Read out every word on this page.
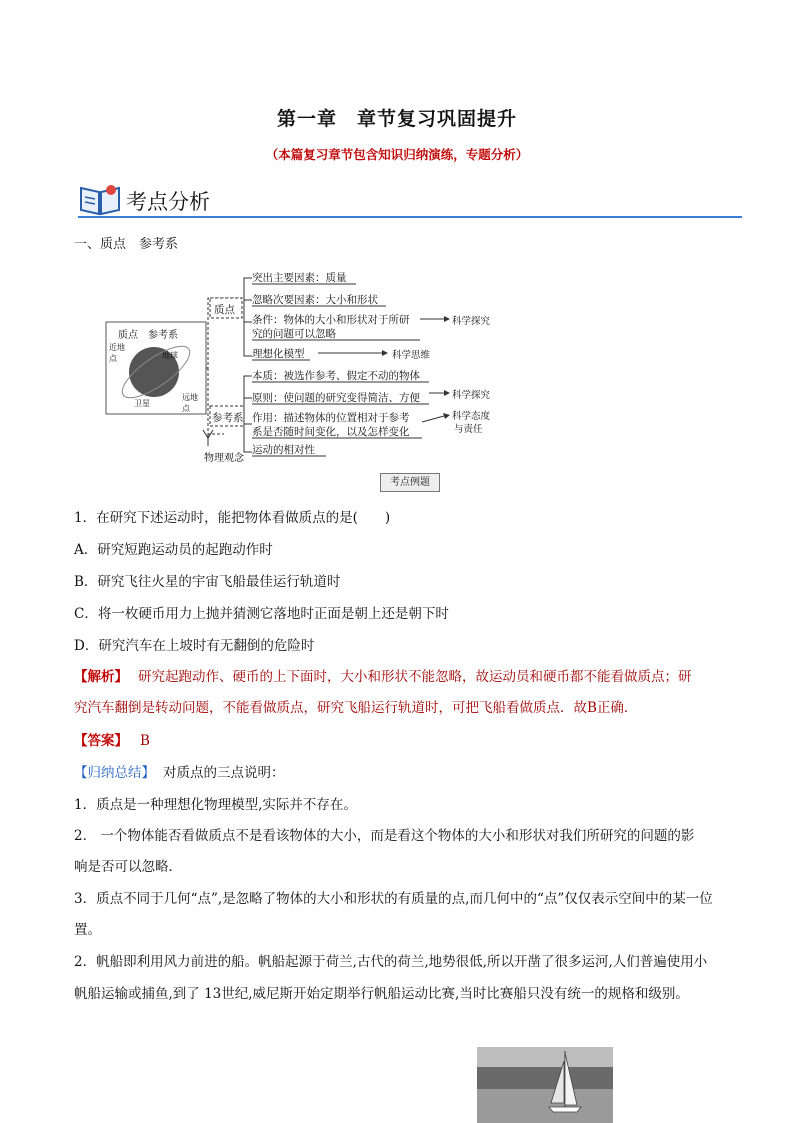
第一章　章节复习巩固提升
（本篇复习章节包含知识归纳演练，专题分析）
考点分析
一、质点　参考系
质点　参考系
近地点	地球
卫星
远地点
质点
参考系
物理观念
突出主要因素：质量
忽略次要因素：大小和形状
条件：物体的大小和形状对于所研
究的问题可以忽略
理想化模型
本质：被选作参考、假定不动的物体
原则：使问题的研究变得简洁、方便
作用：描述物体的位置相对于参考
系是否随时间变化，以及怎样变化
运动的相对性
科学探究
科学思维
科学探究
科学态度
与责任
考点例题
1．在研究下述运动时，能把物体看做质点的是(　　)
A．研究短跑运动员的起跑动作时
B．研究飞往火星的宇宙飞船最佳运行轨道时
C．将一枚硬币用力上抛并猜测它落地时正面是朝上还是朝下时
D．研究汽车在上坡时有无翻倒的危险时
【解析】 研究起跑动作、硬币的上下面时，大小和形状不能忽略，故运动员和硬币都不能看做质点；研
究汽车翻倒是转动问题，不能看做质点，研究飞船运行轨道时，可把飞船看做质点．故B正确．
【答案】 B
【归纳总结】 对质点的三点说明：
1．质点是一种理想化物理模型,实际并不存在。
2． 一个物体能否看做质点不是看该物体的大小，而是看这个物体的大小和形状对我们所研究的问题的影
响是否可以忽略．
3．质点不同于几何“点”,是忽略了物体的大小和形状的有质量的点,而几何中的“点”仅仅表示空间中的某一位
置。
2．帆船即利用风力前进的船。帆船起源于荷兰,古代的荷兰,地势很低,所以开凿了很多运河,人们普遍使用小
帆船运输或捕鱼,到了 13世纪,威尼斯开始定期举行帆船运动比赛,当时比赛船只没有统一的规格和级别。
